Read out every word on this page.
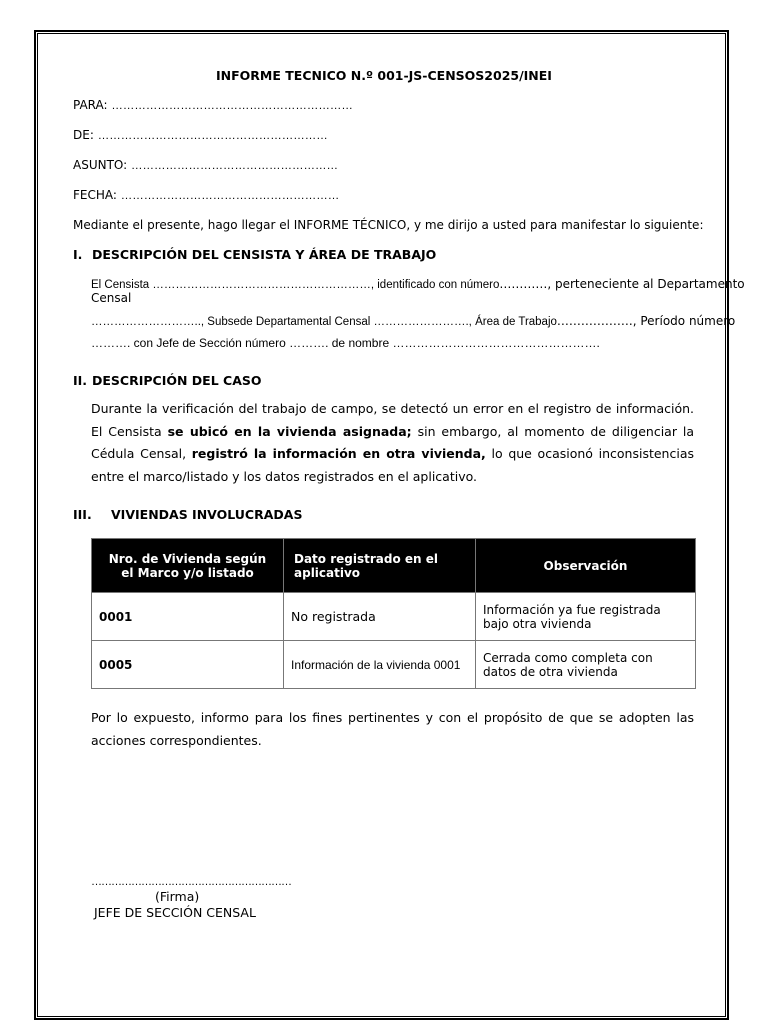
INFORME TECNICO N.º 001-JS-CENSOS2025/INEI
PARA: ………………………………………………………
DE: ……………………………………………………
ASUNTO: ………………………………………………
FECHA: …………………………………………………
Mediante el presente, hago llegar el INFORME TÉCNICO, y me dirijo a usted para manifestar lo siguiente:
I. DESCRIPCIÓN DEL CENSISTA Y ÁREA DE TRABAJO
El Censista …………………………………………………, identificado con número…………, perteneciente al Departamento
Censal
……………………….., Subsede Departamental Censal ……………………., Área de Trabajo………………., Período número
………. con Jefe de Sección número ………. de nombre …………………………………………….
II. DESCRIPCIÓN DEL CASO
Durante la verificación del trabajo de campo, se detectó un error en el registro de información. El Censista se ubicó en la vivienda asignada; sin embargo, al momento de diligenciar la Cédula Censal, registró la información en otra vivienda, lo que ocasionó inconsistencias entre el marco/listado y los datos registrados en el aplicativo.
III. VIVIENDAS INVOLUCRADAS
Nro. de Vivienda según el Marco y/o listado	Dato registrado en el aplicativo	Observación
0001	No registrada	Información ya fue registrada bajo otra vivienda
0005	Información de la vivienda 0001	Cerrada como completa con datos de otra vivienda
Por lo expuesto, informo para los fines pertinentes y con el propósito de que se adopten las acciones correspondientes.
……………………………………………………
(Firma)
JEFE DE SECCIÓN CENSAL
